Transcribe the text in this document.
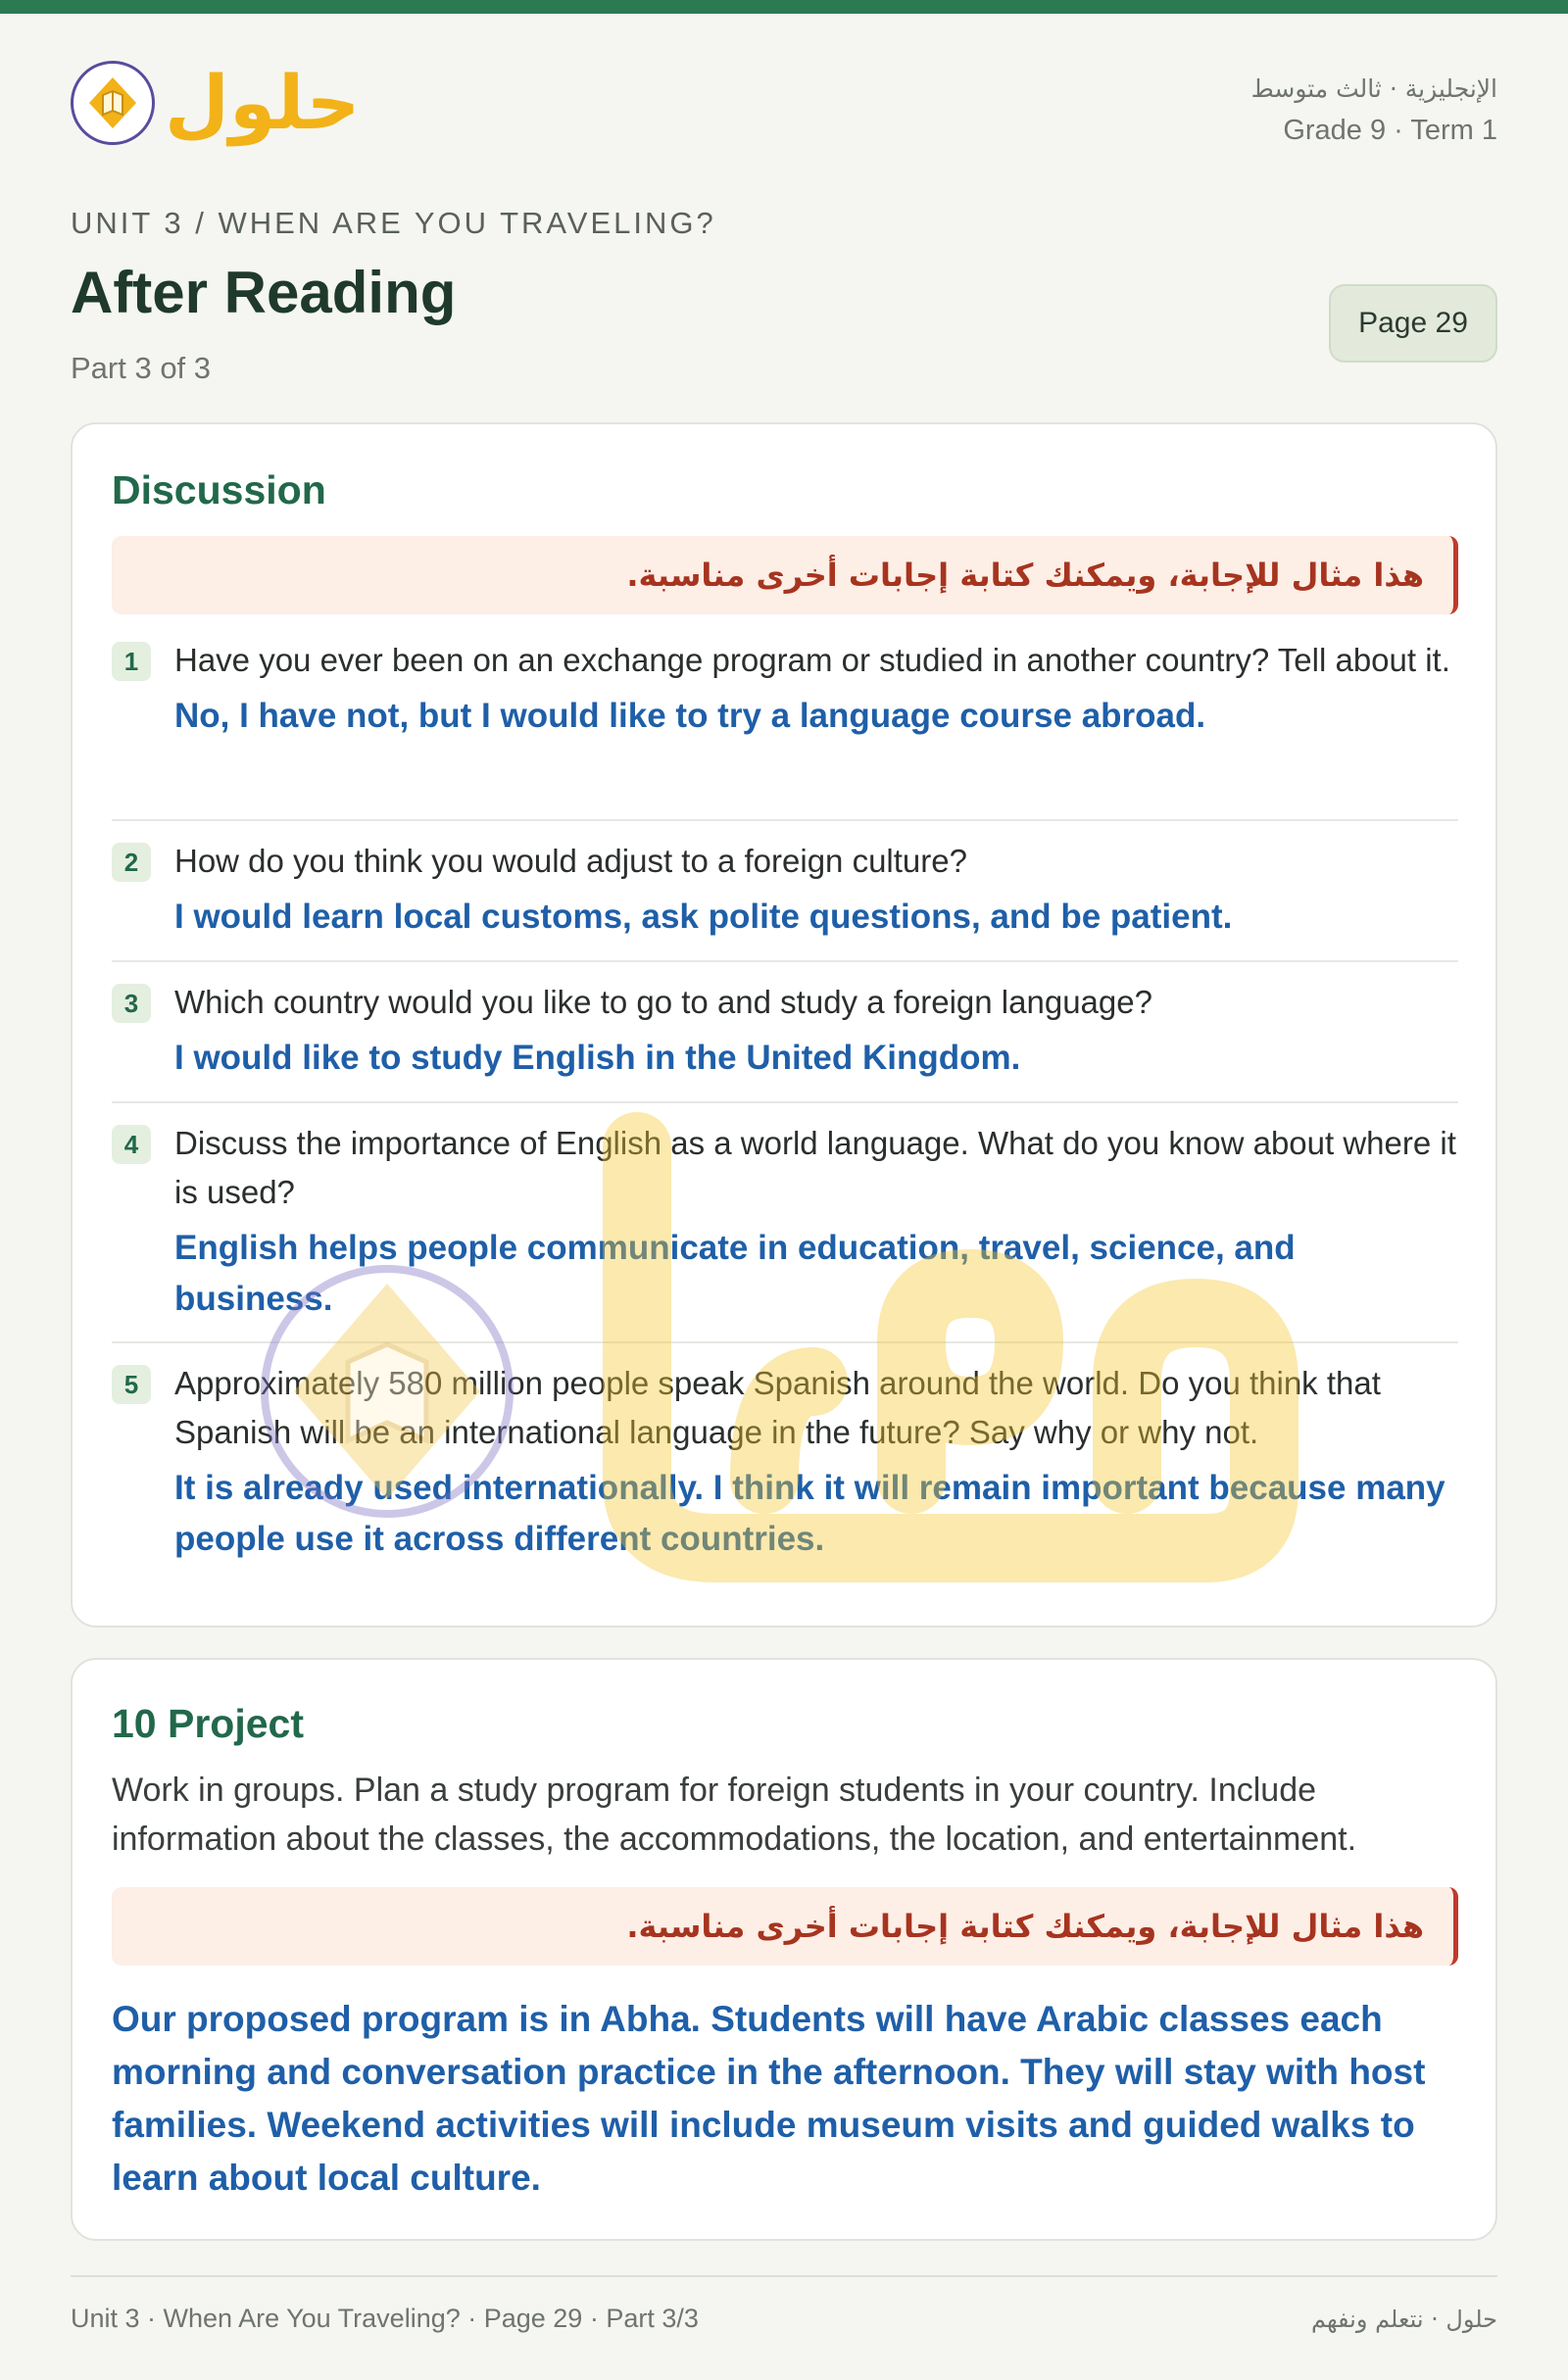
حلول	الإنجليزية · ثالث متوسط
Grade 9 · Term 1
UNIT 3 / WHEN ARE YOU TRAVELING?
After Reading
Part 3 of 3
Page 29
Discussion
هذا مثال للإجابة، ويمكنك كتابة إجابات أخرى مناسبة.
1	Have you ever been on an exchange program or studied in another country? Tell about it.
No, I have not, but I would like to try a language course abroad.
2	How do you think you would adjust to a foreign culture?
I would learn local customs, ask polite questions, and be patient.
3	Which country would you like to go to and study a foreign language?
I would like to study English in the United Kingdom.
4	Discuss the importance of English as a world language. What do you know about where it is used?
English helps people communicate in education, travel, science, and business.
5	Approximately 580 million people speak Spanish around the world. Do you think that Spanish will be an international language in the future? Say why or why not.
It is already used internationally. I think it will remain important because many people use it across different countries.
10 Project
Work in groups. Plan a study program for foreign students in your country. Include information about the classes, the accommodations, the location, and entertainment.
هذا مثال للإجابة، ويمكنك كتابة إجابات أخرى مناسبة.
Our proposed program is in Abha. Students will have Arabic classes each morning and conversation practice in the afternoon. They will stay with host families. Weekend activities will include museum visits and guided walks to learn about local culture.
Unit 3 · When Are You Traveling? · Page 29 · Part 3/3	حلول · نتعلم ونفهم
